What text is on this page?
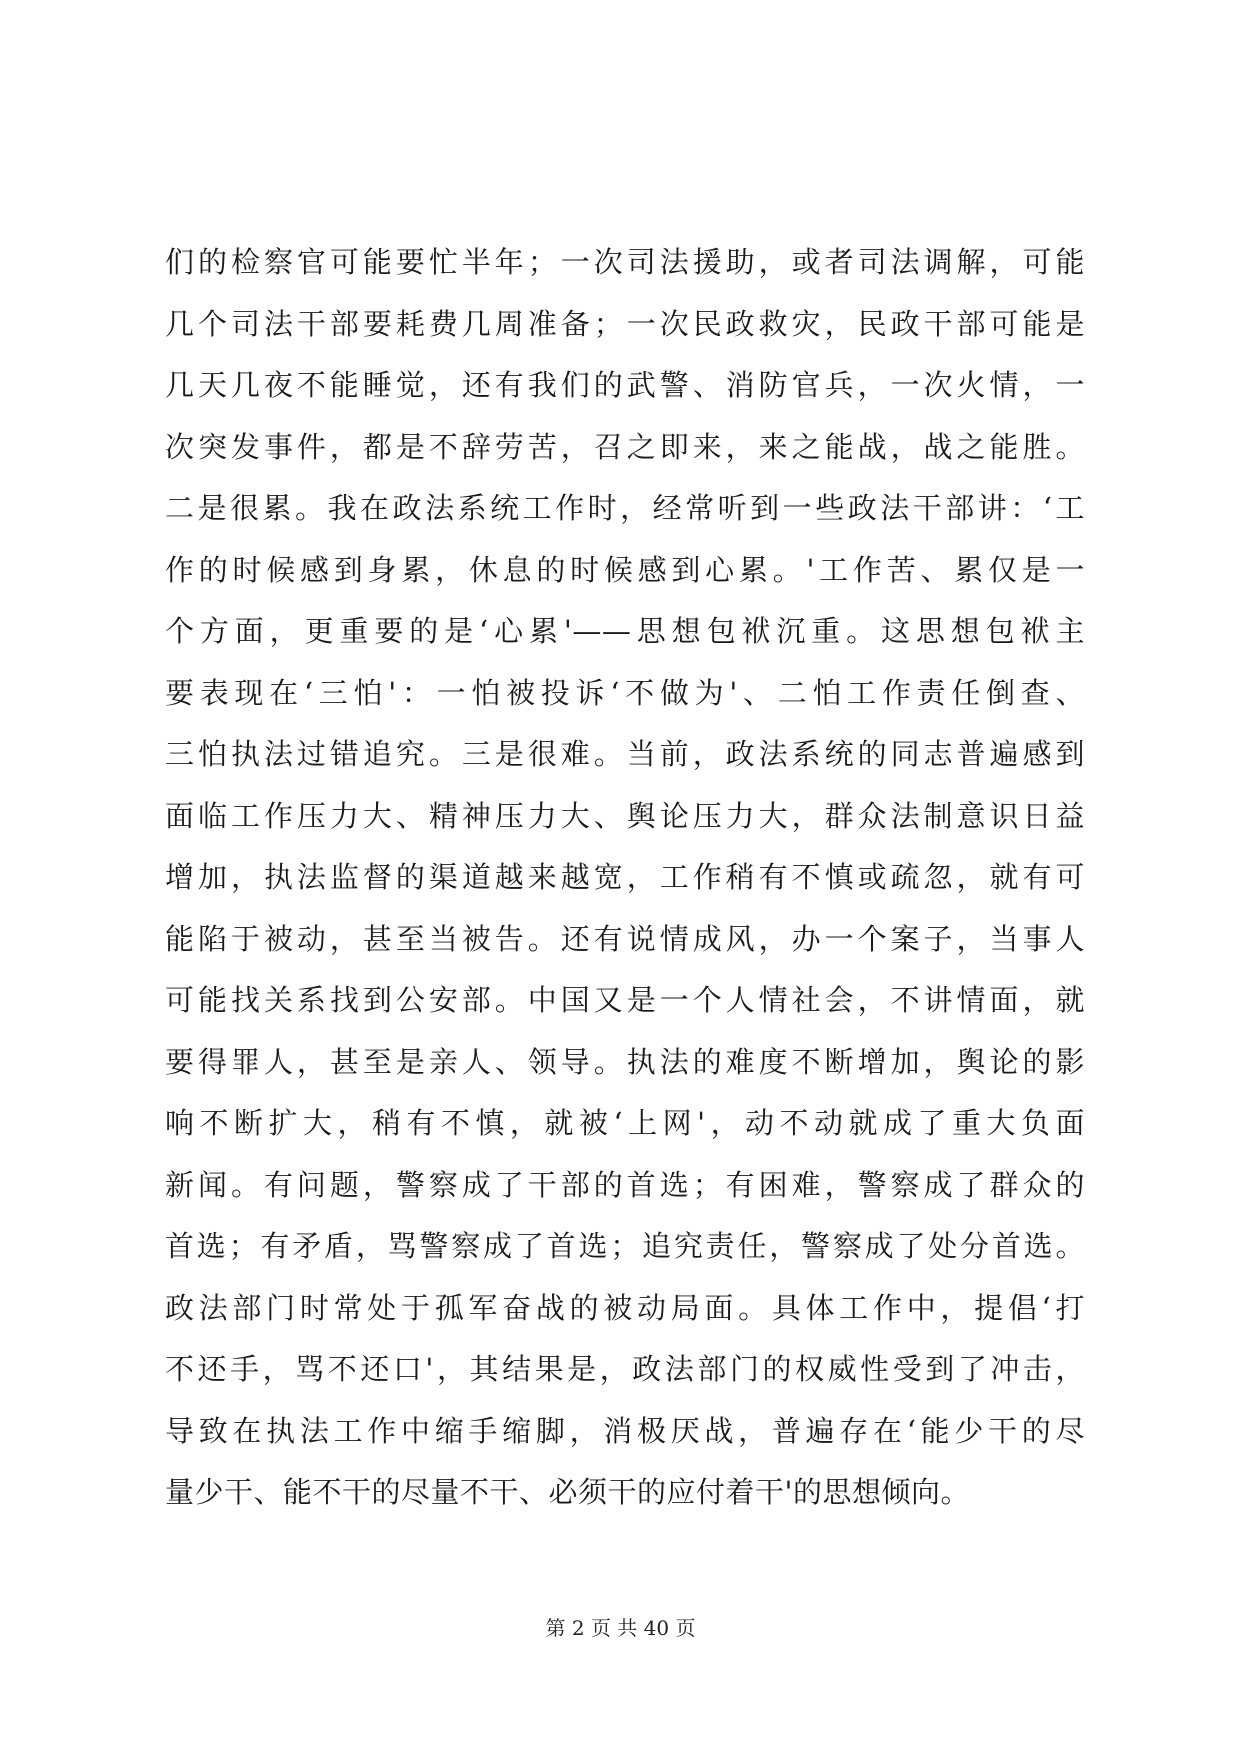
们的检察官可能要忙半年；一次司法援助，或者司法调解，可能
几个司法干部要耗费几周准备；一次民政救灾，民政干部可能是
几天几夜不能睡觉，还有我们的武警、消防官兵，一次火情，一
次突发事件，都是不辞劳苦，召之即来，来之能战，战之能胜。
二是很累。我在政法系统工作时，经常听到一些政法干部讲：‘工
作的时候感到身累，休息的时候感到心累。'工作苦、累仅是一
个方面，更重要的是‘心累'——思想包袱沉重。这思想包袱主
要表现在‘三怕'：一怕被投诉‘不做为'、二怕工作责任倒查、
三怕执法过错追究。三是很难。当前，政法系统的同志普遍感到
面临工作压力大、精神压力大、舆论压力大，群众法制意识日益
增加，执法监督的渠道越来越宽，工作稍有不慎或疏忽，就有可
能陷于被动，甚至当被告。还有说情成风，办一个案子，当事人
可能找关系找到公安部。中国又是一个人情社会，不讲情面，就
要得罪人，甚至是亲人、领导。执法的难度不断增加，舆论的影
响不断扩大，稍有不慎，就被‘上网'，动不动就成了重大负面
新闻。有问题，警察成了干部的首选；有困难，警察成了群众的
首选；有矛盾，骂警察成了首选；追究责任，警察成了处分首选。
政法部门时常处于孤军奋战的被动局面。具体工作中，提倡‘打
不还手，骂不还口'，其结果是，政法部门的权威性受到了冲击，
导致在执法工作中缩手缩脚，消极厌战，普遍存在‘能少干的尽
量少干、能不干的尽量不干、必须干的应付着干'的思想倾向。
第 2 页 共 40 页
